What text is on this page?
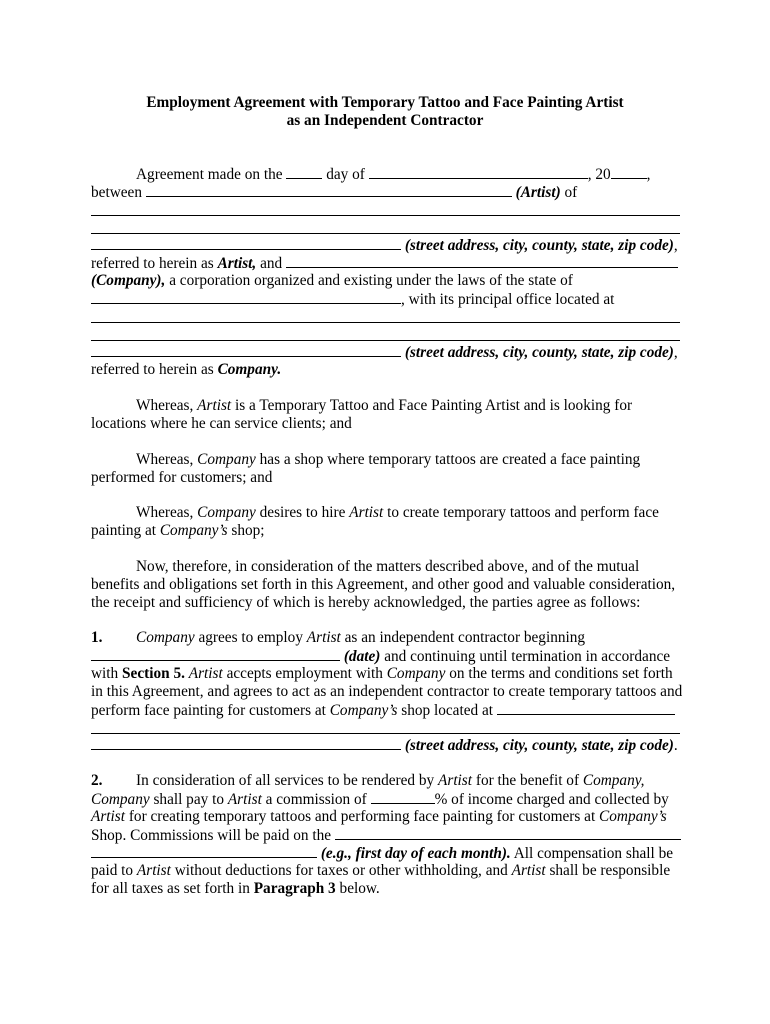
Employment Agreement with Temporary Tattoo and Face Painting Artist
as an Independent Contractor
Agreement made on the	day of	, 20 ,
between	(Artist) of
(street address, city, county, state, zip code),
referred to herein as Artist, and
(Company), a corporation organized and existing under the laws of the state of
, with its principal office located at
(street address, city, county, state, zip code),
referred to herein as Company.
Whereas, Artist is a Temporary Tattoo and Face Painting Artist and is looking for
locations where he can service clients; and
Whereas, Company has a shop where temporary tattoos are created a face painting
performed for customers; and
Whereas, Company desires to hire Artist to create temporary tattoos and perform face
painting at Company’s shop;
Now, therefore, in consideration of the matters described above, and of the mutual
benefits and obligations set forth in this Agreement, and other good and valuable consideration,
the receipt and sufficiency of which is hereby acknowledged, the parties agree as follows:
1. Company agrees to employ Artist as an independent contractor beginning
(date) and continuing until termination in accordance
with Section 5. Artist accepts employment with Company on the terms and conditions set forth
in this Agreement, and agrees to act as an independent contractor to create temporary tattoos and
perform face painting for customers at Company’s shop located at
(street address, city, county, state, zip code).
2. In consideration of all services to be rendered by Artist for the benefit of Company,
Company shall pay to Artist a commission of	% of income charged and collected by
Artist for creating temporary tattoos and performing face painting for customers at Company’s
Shop. Commissions will be paid on the
(e.g., first day of each month). All compensation shall be
paid to Artist without deductions for taxes or other withholding, and Artist shall be responsible
for all taxes as set forth in Paragraph 3 below.
